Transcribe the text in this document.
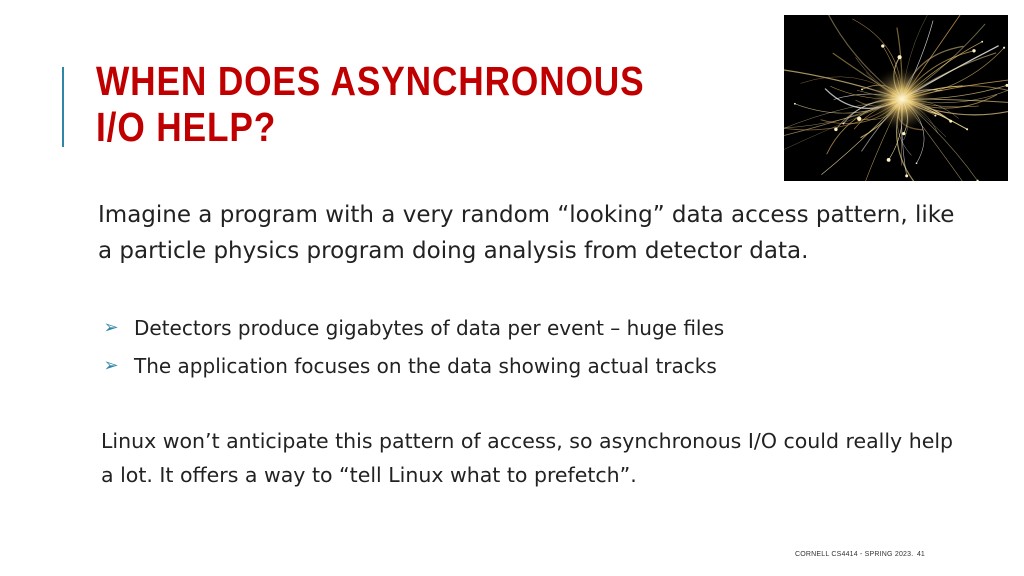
WHEN DOES ASYNCHRONOUS
I/O HELP?
Imagine a program with a very random “looking” data access pattern, like a particle physics program doing analysis from detector data.
➢ Detectors produce gigabytes of data per event – huge files
➢ The application focuses on the data showing actual tracks
Linux won’t anticipate this pattern of access, so asynchronous I/O could really help a lot. It offers a way to “tell Linux what to prefetch”.
CORNELL CS4414 - SPRING 2023. 41
